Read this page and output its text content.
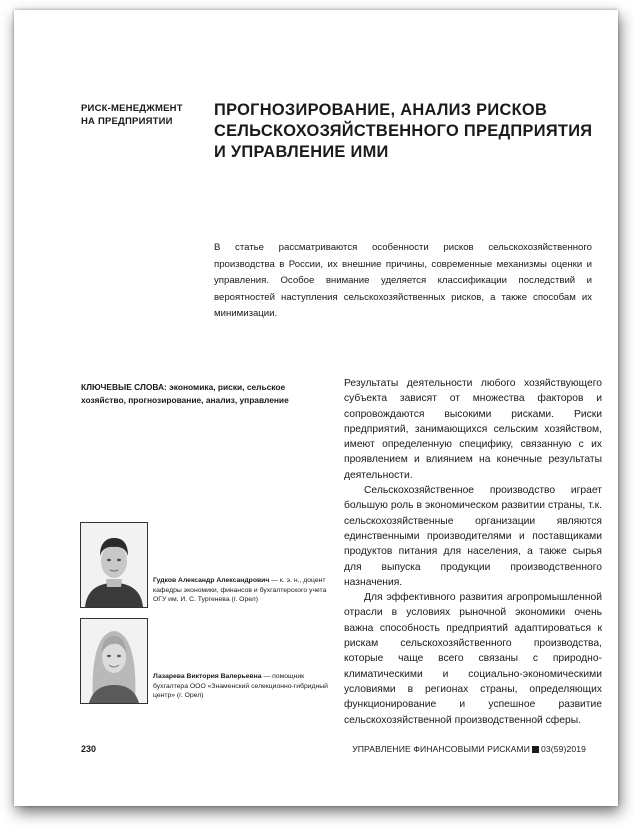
РИСК-МЕНЕДЖМЕНТ
НА ПРЕДПРИЯТИИ
ПРОГНОЗИРОВАНИЕ, АНАЛИЗ РИСКОВ
СЕЛЬСКОХОЗЯЙСТВЕННОГО ПРЕДПРИЯТИЯ
И УПРАВЛЕНИЕ ИМИ

В статье рассматриваются особенности рисков сельскохозяйственного производства в России, их внешние причины, современные механизмы оценки и управления. Особое внимание уделяется классификации последствий и вероятностей наступления сельскохозяйственных рисков, а также способам их минимизации.

КЛЮЧЕВЫЕ СЛОВА: экономика, риски, сельское хозяйство, прогнозирование, анализ, управление

Результаты деятельности любого хозяйствующего субъекта зависят от множества факторов и сопровождаются высокими рисками. Риски предприятий, занимающихся сельским хозяйством, имеют определенную специфику, связанную с их проявлением и влиянием на конечные результаты деятельности.

Сельскохозяйственное производство играет большую роль в экономическом развитии страны, т.к. сельскохозяйственные организации являются единственными производителями и поставщиками продуктов питания для населения, а также сырья для выпуска продукции производственного назначения.

Для эффективного развития агропромышленной отрасли в условиях рыночной экономики очень важна способность предприятий адаптироваться к рискам сельскохозяйственного производства, которые чаще всего связаны с природно-климатическими и социально-экономическими условиями в регионах страны, определяющих функционирование и успешное развитие сельскохозяйственной производственной сферы.

Гудков Александр Александрович — к. э. н., доцент кафедры экономики, финансов и бухгалтерского учета ОГУ им. И. С. Тургенева (г. Орел)
Лазарева Виктория Валерьевна — помощник бухгалтера ООО «Знаменский селекционно-гибридный центр» (г. Орел)
230	УПРАВЛЕНИЕ ФИНАНСОВЫМИ РИСКАМИ 03(59)2019
